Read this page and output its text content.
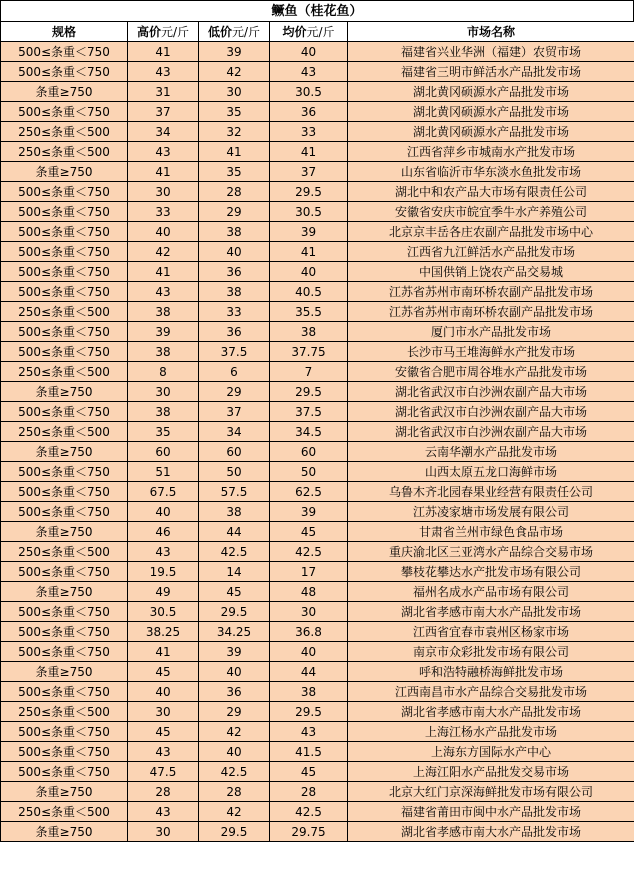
鳜鱼（桂花鱼）
规格	高价元/斤	低价元/斤	均价元/斤	市场名称
500≤条重＜750	41	39	40	福建省兴业华洲（福建）农贸市场
500≤条重＜750	43	42	43	福建省三明市鲜活水产品批发市场
条重≥750	31	30	30.5	湖北黄冈硕源水产品批发市场
500≤条重＜750	37	35	36	湖北黄冈硕源水产品批发市场
250≤条重＜500	34	32	33	湖北黄冈硕源水产品批发市场
250≤条重＜500	43	41	41	江西省萍乡市城南水产批发市场
条重≥750	41	35	37	山东省临沂市华东淡水鱼批发市场
500≤条重＜750	30	28	29.5	湖北中和农产品大市场有限责任公司
500≤条重＜750	33	29	30.5	安徽省安庆市皖宜季牛水产养殖公司
500≤条重＜750	40	38	39	北京京丰岳各庄农副产品批发市场中心
500≤条重＜750	42	40	41	江西省九江鲜活水产品批发市场
500≤条重＜750	41	36	40	中国供销上饶农产品交易城
500≤条重＜750	43	38	40.5	江苏省苏州市南环桥农副产品批发市场
250≤条重＜500	38	33	35.5	江苏省苏州市南环桥农副产品批发市场
500≤条重＜750	39	36	38	厦门市水产品批发市场
500≤条重＜750	38	37.5	37.75	长沙市马王堆海鲜水产批发市场
250≤条重＜500	8	6	7	安徽省合肥市周谷堆水产品批发市场
条重≥750	30	29	29.5	湖北省武汉市白沙洲农副产品大市场
500≤条重＜750	38	37	37.5	湖北省武汉市白沙洲农副产品大市场
250≤条重＜500	35	34	34.5	湖北省武汉市白沙洲农副产品大市场
条重≥750	60	60	60	云南华潮水产品批发市场
500≤条重＜750	51	50	50	山西太原五龙口海鲜市场
500≤条重＜750	67.5	57.5	62.5	乌鲁木齐北园春果业经营有限责任公司
500≤条重＜750	40	38	39	江苏凌家塘市场发展有限公司
条重≥750	46	44	45	甘肃省兰州市绿色食品市场
250≤条重＜500	43	42.5	42.5	重庆渝北区三亚湾水产品综合交易市场
500≤条重＜750	19.5	14	17	攀枝花攀达水产批发市场有限公司
条重≥750	49	45	48	福州名成水产品市场有限公司
500≤条重＜750	30.5	29.5	30	湖北省孝感市南大水产品批发市场
500≤条重＜750	38.25	34.25	36.8	江西省宜春市袁州区杨家市场
500≤条重＜750	41	39	40	南京市众彩批发市场有限公司
条重≥750	45	40	44	呼和浩特融桥海鲜批发市场
500≤条重＜750	40	36	38	江西南昌市水产品综合交易批发市场
250≤条重＜500	30	29	29.5	湖北省孝感市南大水产品批发市场
500≤条重＜750	45	42	43	上海江杨水产品批发市场
500≤条重＜750	43	40	41.5	上海东方国际水产中心
500≤条重＜750	47.5	42.5	45	上海江阳水产品批发交易市场
条重≥750	28	28	28	北京大红门京深海鲜批发市场有限公司
250≤条重＜500	43	42	42.5	福建省莆田市闽中水产品批发市场
条重≥750	30	29.5	29.75	湖北省孝感市南大水产品批发市场
